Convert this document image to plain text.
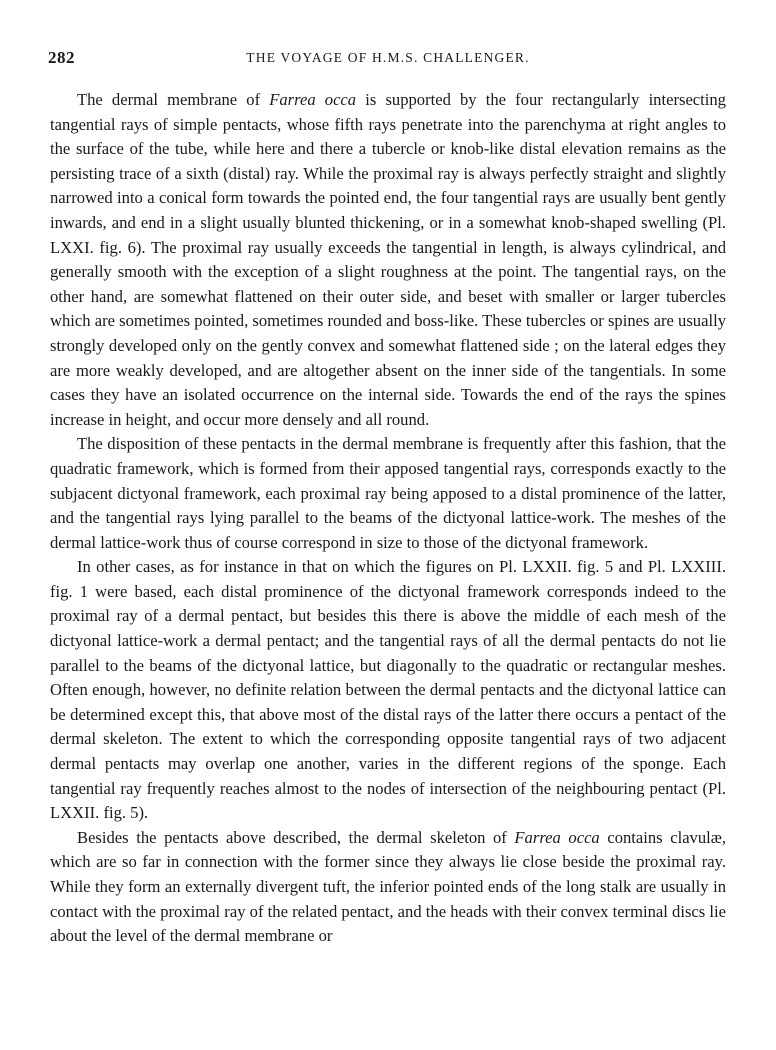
282	THE VOYAGE OF H.M.S. CHALLENGER.

The dermal membrane of Farrea occa is supported by the four rectangularly intersecting tangential rays of simple pentacts, whose fifth rays penetrate into the parenchyma at right angles to the surface of the tube, while here and there a tubercle or knob-like distal elevation remains as the persisting trace of a sixth (distal) ray. While the proximal ray is always perfectly straight and slightly narrowed into a conical form towards the pointed end, the four tangential rays are usually bent gently inwards, and end in a slight usually blunted thickening, or in a somewhat knob-shaped swelling (Pl. LXXI. fig. 6). The proximal ray usually exceeds the tangential in length, is always cylindrical, and generally smooth with the exception of a slight roughness at the point. The tangential rays, on the other hand, are somewhat flattened on their outer side, and beset with smaller or larger tubercles which are sometimes pointed, sometimes rounded and boss-like. These tubercles or spines are usually strongly developed only on the gently convex and somewhat flattened side ; on the lateral edges they are more weakly developed, and are altogether absent on the inner side of the tangentials. In some cases they have an isolated occurrence on the internal side. Towards the end of the rays the spines increase in height, and occur more densely and all round.

The disposition of these pentacts in the dermal membrane is frequently after this fashion, that the quadratic framework, which is formed from their apposed tangential rays, corresponds exactly to the subjacent dictyonal framework, each proximal ray being apposed to a distal prominence of the latter, and the tangential rays lying parallel to the beams of the dictyonal lattice-work. The meshes of the dermal lattice-work thus of course correspond in size to those of the dictyonal framework.

In other cases, as for instance in that on which the figures on Pl. LXXII. fig. 5 and Pl. LXXIII. fig. 1 were based, each distal prominence of the dictyonal framework corresponds indeed to the proximal ray of a dermal pentact, but besides this there is above the middle of each mesh of the dictyonal lattice-work a dermal pentact; and the tangential rays of all the dermal pentacts do not lie parallel to the beams of the dictyonal lattice, but diagonally to the quadratic or rectangular meshes. Often enough, however, no definite relation between the dermal pentacts and the dictyonal lattice can be determined except this, that above most of the distal rays of the latter there occurs a pentact of the dermal skeleton. The extent to which the corresponding opposite tangential rays of two adjacent dermal pentacts may overlap one another, varies in the different regions of the sponge. Each tangential ray frequently reaches almost to the nodes of intersection of the neighbouring pentact (Pl. LXXII. fig. 5).

Besides the pentacts above described, the dermal skeleton of Farrea occa contains clavulæ, which are so far in connection with the former since they always lie close beside the proximal ray. While they form an externally divergent tuft, the inferior pointed ends of the long stalk are usually in contact with the proximal ray of the related pentact, and the heads with their convex terminal discs lie about the level of the dermal membrane or
